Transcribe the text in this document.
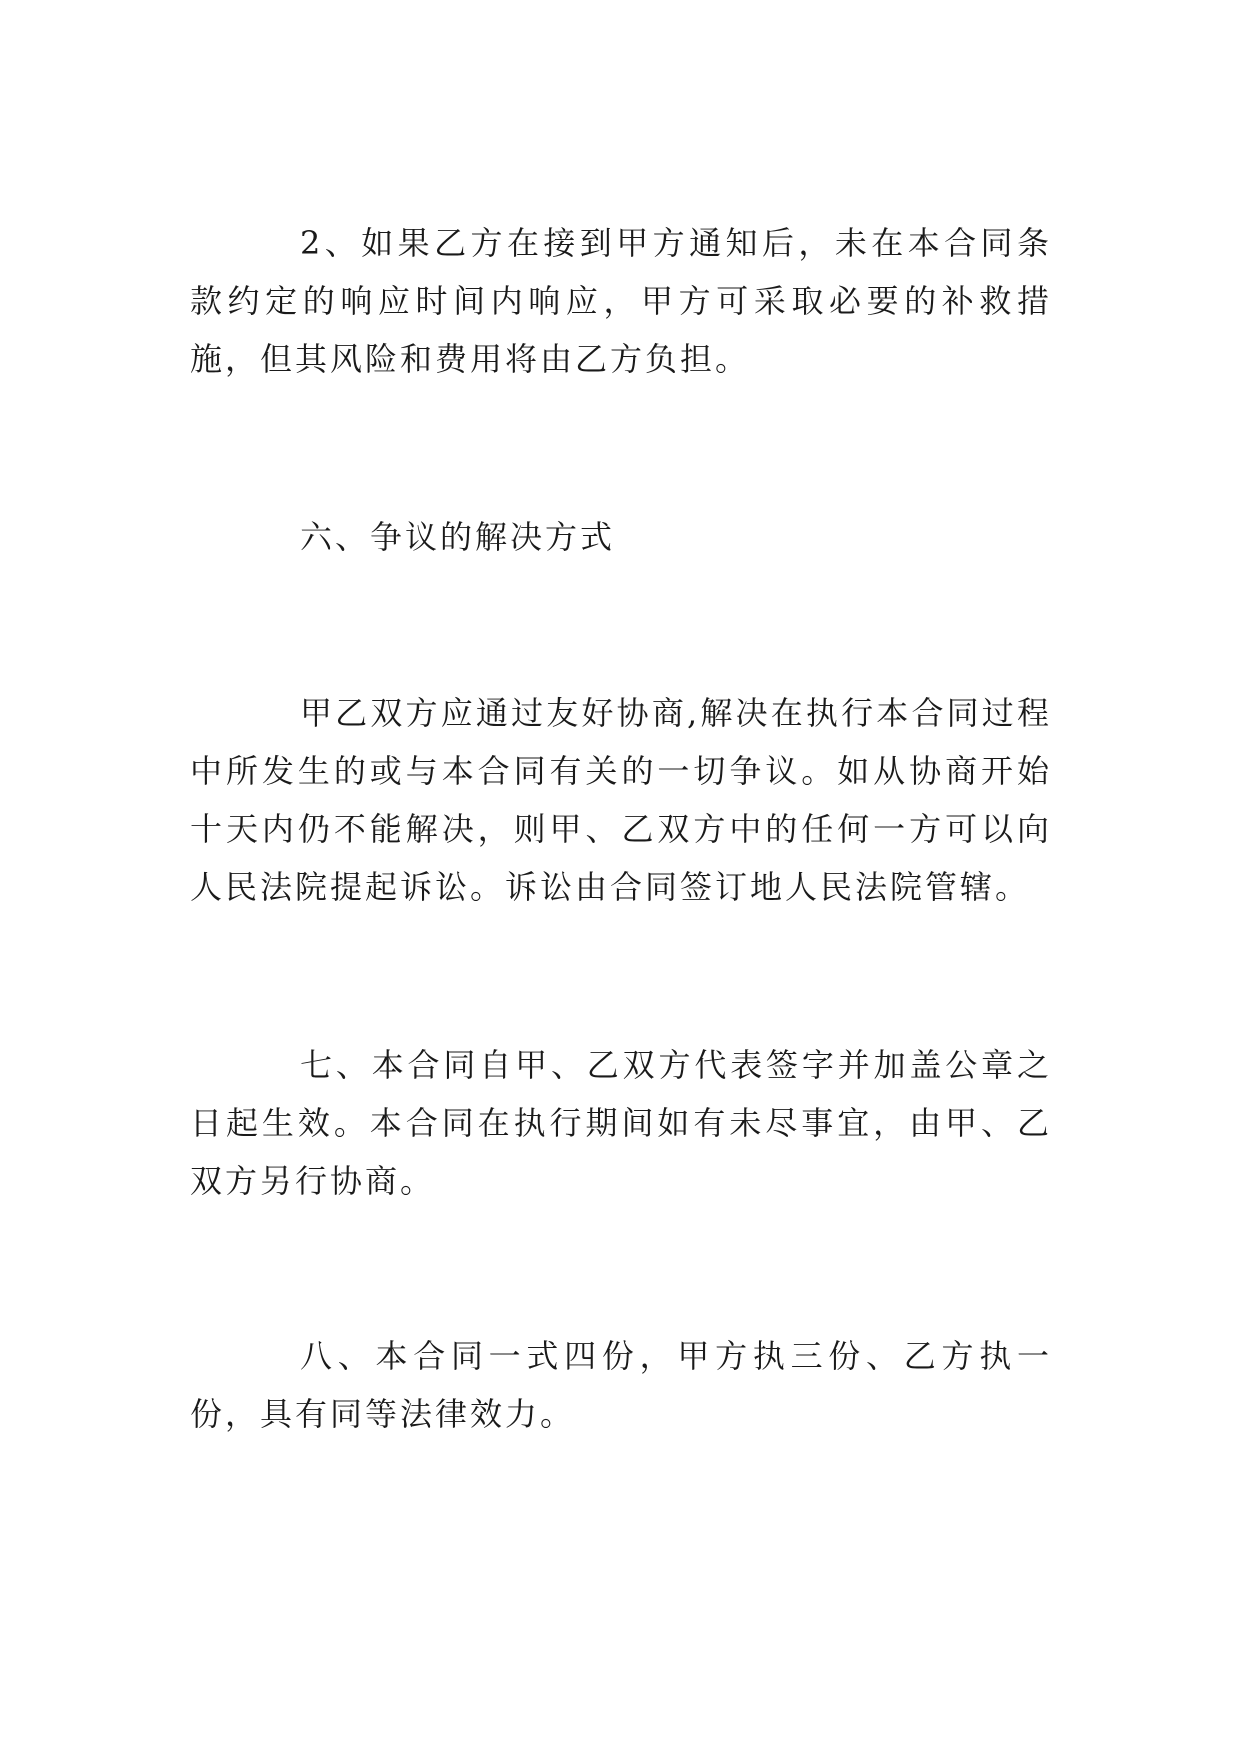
2、如果乙方在接到甲方通知后，未在本合同条款约定的响应时间内响应，甲方可采取必要的补救措施，但其风险和费用将由乙方负担。

六、争议的解决方式

甲乙双方应通过友好协商,解决在执行本合同过程中所发生的或与本合同有关的一切争议。如从协商开始十天内仍不能解决，则甲、乙双方中的任何一方可以向人民法院提起诉讼。诉讼由合同签订地人民法院管辖。

七、本合同自甲、乙双方代表签字并加盖公章之日起生效。本合同在执行期间如有未尽事宜，由甲、乙双方另行协商。

八、本合同一式四份，甲方执三份、乙方执一份，具有同等法律效力。
